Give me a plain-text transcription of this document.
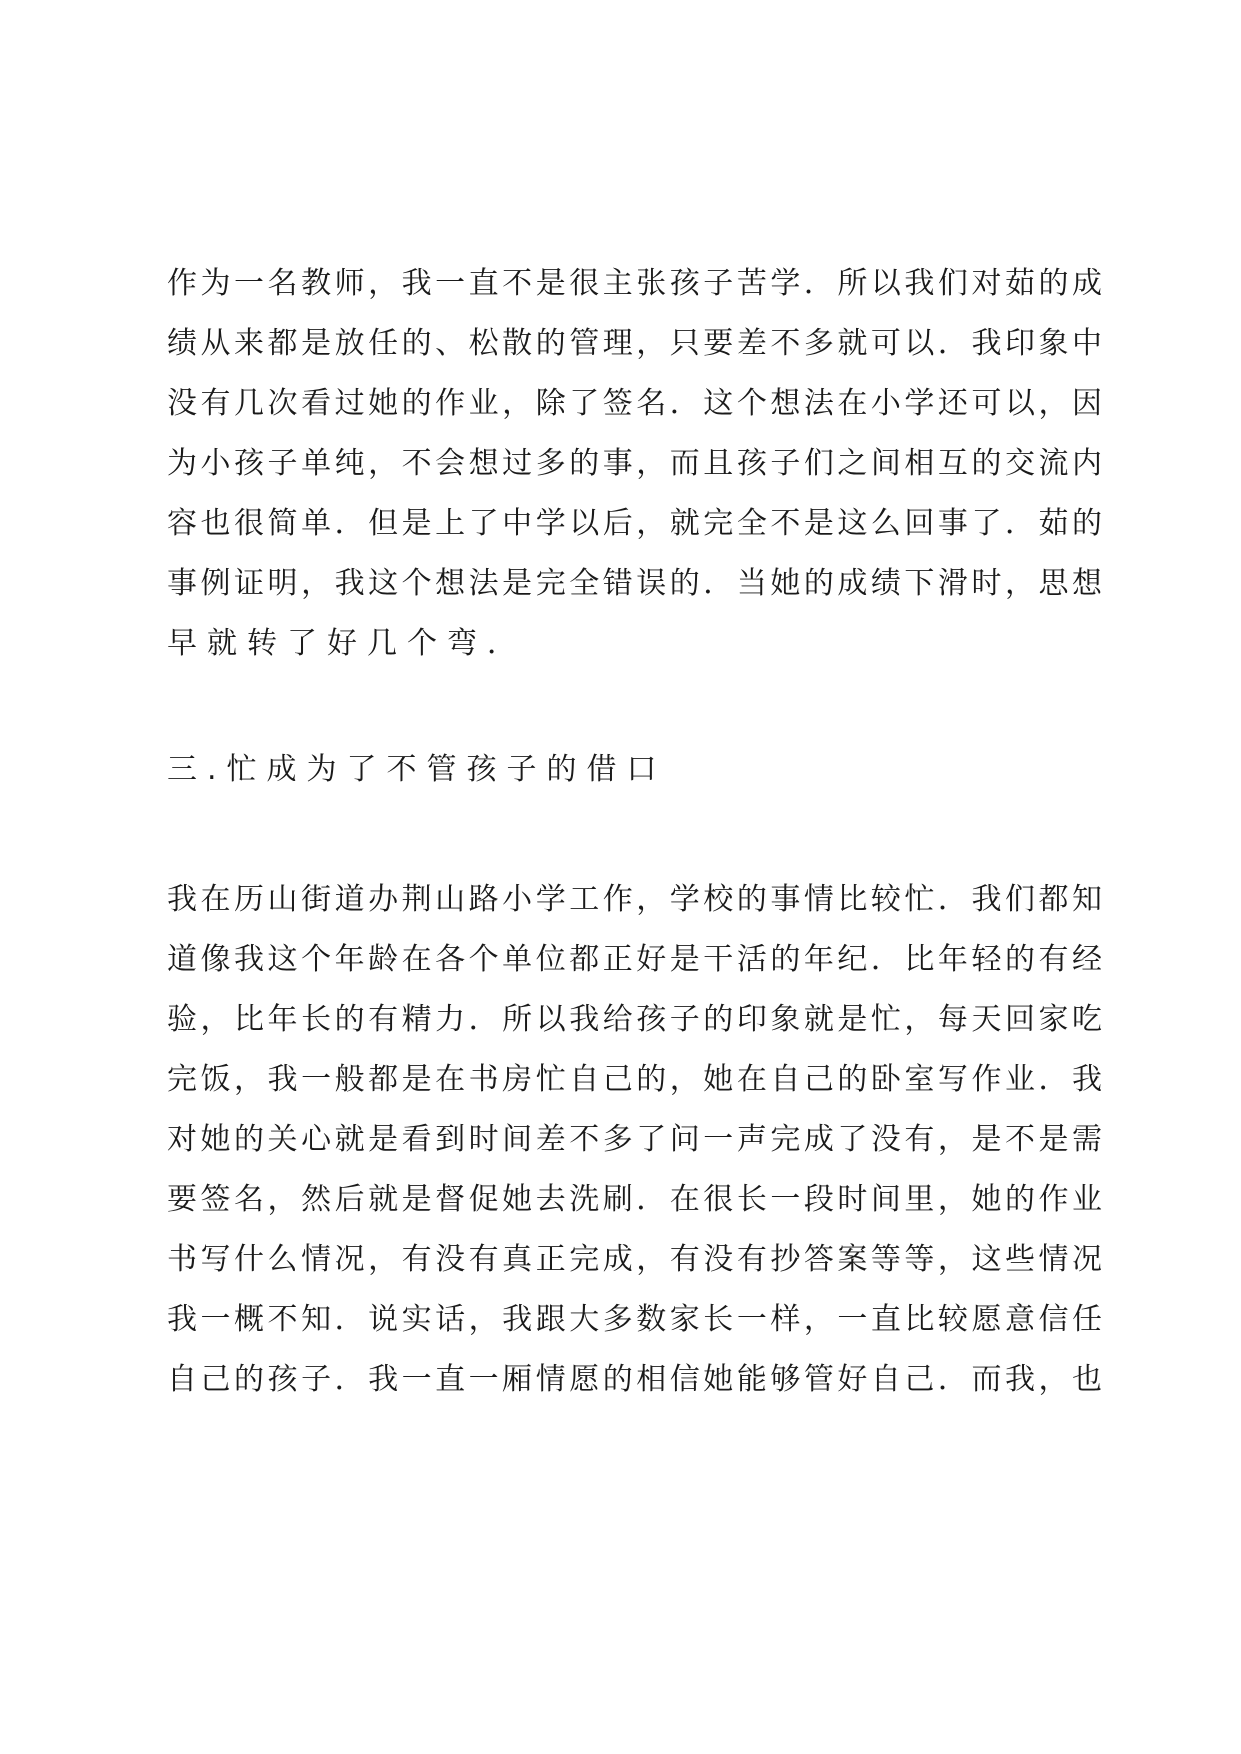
作为一名教师，我一直不是很主张孩子苦学．所以我们对茹的成
绩从来都是放任的、松散的管理，只要差不多就可以．我印象中
没有几次看过她的作业，除了签名．这个想法在小学还可以，因
为小孩子单纯，不会想过多的事，而且孩子们之间相互的交流内
容也很简单．但是上了中学以后，就完全不是这么回事了．茹的
事例证明，我这个想法是完全错误的．当她的成绩下滑时，思想
早就转了好几个弯．
三.忙成为了不管孩子的借口
我在历山街道办荆山路小学工作，学校的事情比较忙．我们都知
道像我这个年龄在各个单位都正好是干活的年纪．比年轻的有经
验，比年长的有精力．所以我给孩子的印象就是忙，每天回家吃
完饭，我一般都是在书房忙自己的，她在自己的卧室写作业．我
对她的关心就是看到时间差不多了问一声完成了没有，是不是需
要签名，然后就是督促她去洗刷．在很长一段时间里，她的作业
书写什么情况，有没有真正完成，有没有抄答案等等，这些情况
我一概不知．说实话，我跟大多数家长一样，一直比较愿意信任
自己的孩子．我一直一厢情愿的相信她能够管好自己．而我，也
